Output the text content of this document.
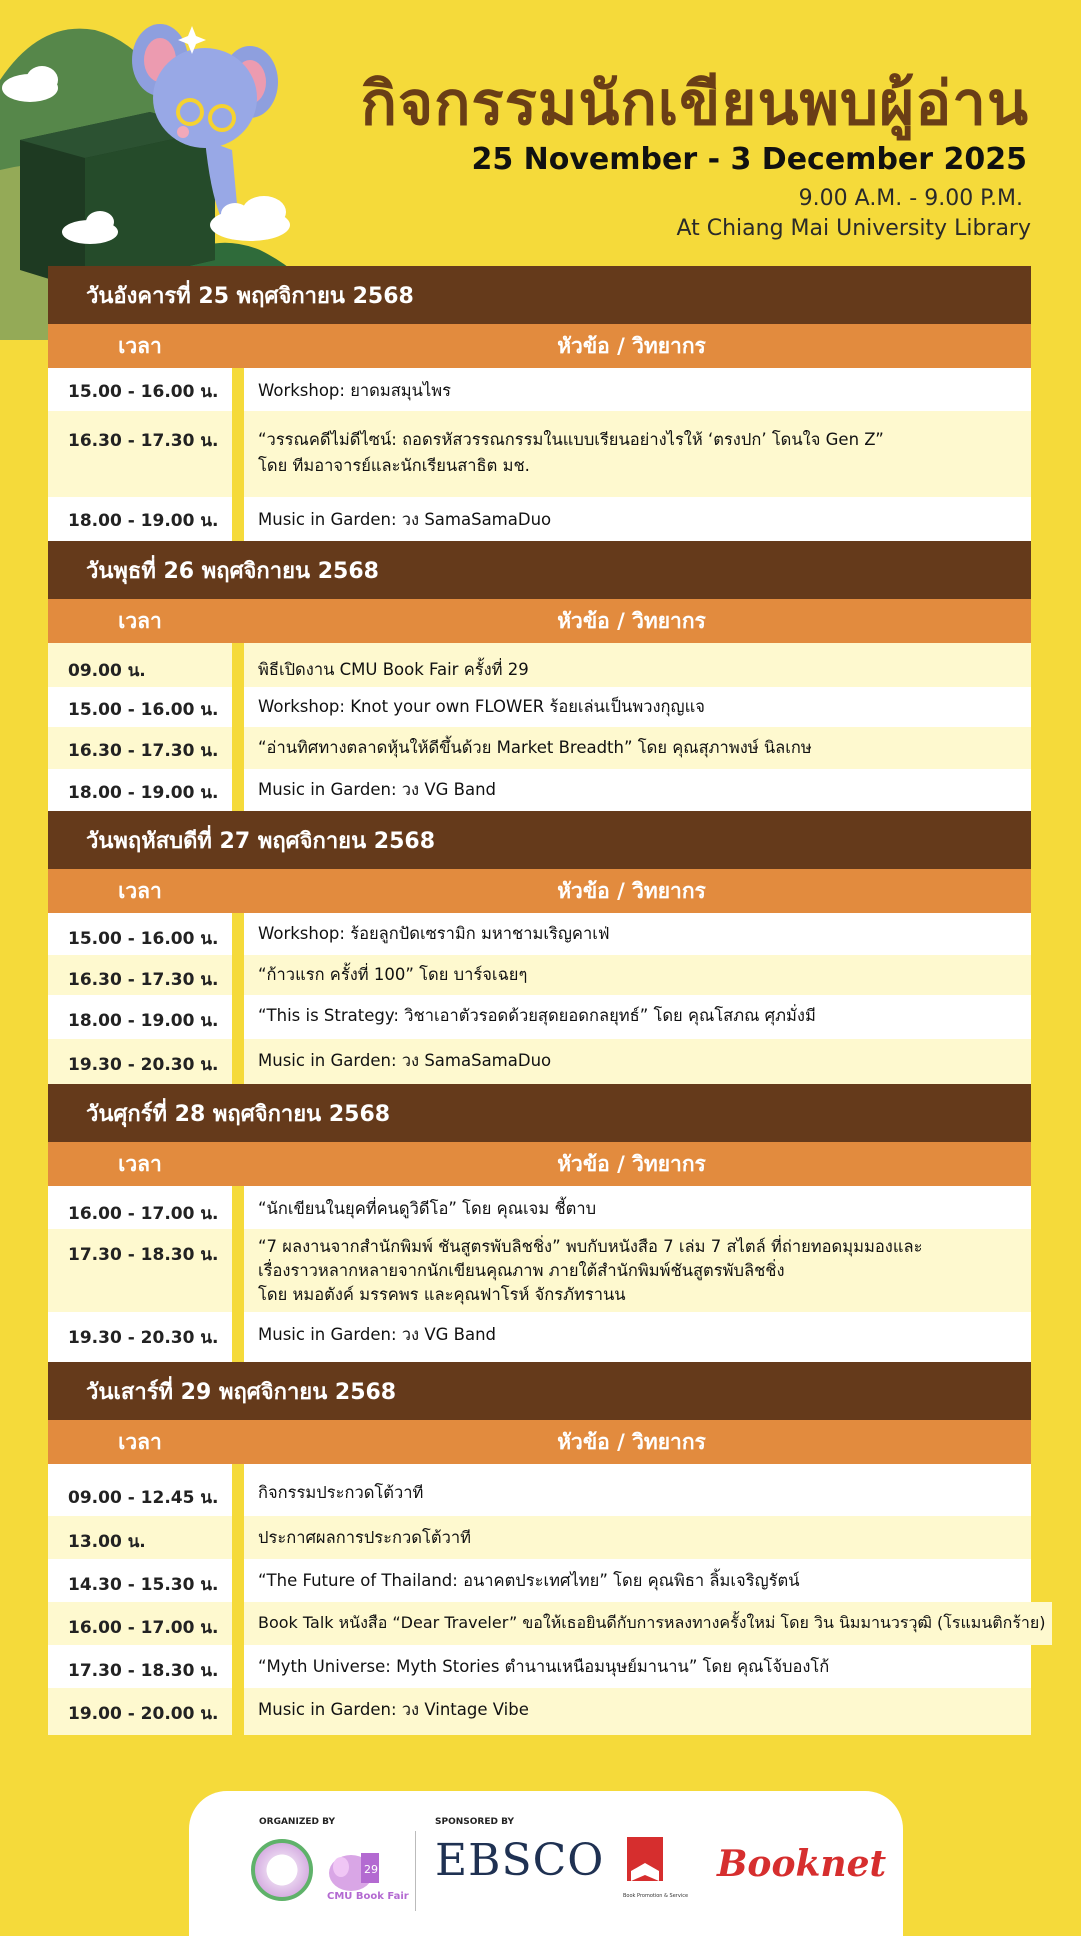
กิจกรรมนักเขียนพบผู้อ่าน
25 November - 3 December 2025
9.00 A.M. - 9.00 P.M.
At Chiang Mai University Library
วันอังคารที่ 25 พฤศจิกายน 2568
เวลา	หัวข้อ / วิทยากร
15.00 - 16.00 น.	Workshop: ยาดมสมุนไพร
16.30 - 17.30 น.	“วรรณคดีไม่ดีไซน์: ถอดรหัสวรรณกรรมในแบบเรียนอย่างไรให้ ‘ตรงปก’ โดนใจ Gen Z”
โดย ทีมอาจารย์และนักเรียนสาธิต มช.
18.00 - 19.00 น.	Music in Garden: วง SamaSamaDuo
วันพุธที่ 26 พฤศจิกายน 2568
เวลา	หัวข้อ / วิทยากร
09.00 น.	พิธีเปิดงาน CMU Book Fair ครั้งที่ 29
15.00 - 16.00 น.	Workshop: Knot your own FLOWER ร้อยเล่นเป็นพวงกุญแจ
16.30 - 17.30 น.	“อ่านทิศทางตลาดหุ้นให้ดีขึ้นด้วย Market Breadth” โดย คุณสุภาพงษ์ นิลเกษ
18.00 - 19.00 น.	Music in Garden: วง VG Band
วันพฤหัสบดีที่ 27 พฤศจิกายน 2568
เวลา	หัวข้อ / วิทยากร
15.00 - 16.00 น.	Workshop: ร้อยลูกปัดเซรามิก มหาชามเริญคาเฟ่
16.30 - 17.30 น.	“ก้าวแรก ครั้งที่ 100” โดย บาร์จเฉยๆ
18.00 - 19.00 น.	“This is Strategy: วิชาเอาตัวรอดด้วยสุดยอดกลยุทธ์” โดย คุณโสภณ ศุภมั่งมี
19.30 - 20.30 น.	Music in Garden: วง SamaSamaDuo
วันศุกร์ที่ 28 พฤศจิกายน 2568
เวลา	หัวข้อ / วิทยากร
16.00 - 17.00 น.	“นักเขียนในยุคที่คนดูวิดีโอ” โดย คุณเจม ชี้ตาบ
17.30 - 18.30 น.	“7 ผลงานจากสำนักพิมพ์ ชันสูตรพับลิชชิ่ง” พบกับหนังสือ 7 เล่ม 7 สไตล์ ที่ถ่ายทอดมุมมองและ
เรื่องราวหลากหลายจากนักเขียนคุณภาพ ภายใต้สำนักพิมพ์ชันสูตรพับลิชชิ่ง
โดย หมอตังค์ มรรคพร และคุณฟาโรห์ จักรภัทรานน
19.30 - 20.30 น.	Music in Garden: วง VG Band
วันเสาร์ที่ 29 พฤศจิกายน 2568
เวลา	หัวข้อ / วิทยากร
09.00 - 12.45 น.	กิจกรรมประกวดโต้วาที
13.00 น.	ประกาศผลการประกวดโต้วาที
14.30 - 15.30 น.	“The Future of Thailand: อนาคตประเทศไทย” โดย คุณพิธา ลิ้มเจริญรัตน์
16.00 - 17.00 น.	Book Talk หนังสือ “Dear Traveler” ขอให้เธอยินดีกับการหลงทางครั้งใหม่ โดย วิน นิมมานวรวุฒิ (โรแมนติกร้าย)
17.30 - 18.30 น.	“Myth Universe: Myth Stories ตำนานเหนือมนุษย์มานาน” โดย คุณโจ้บองโก้
19.00 - 20.00 น.	Music in Garden: วง Vintage Vibe
ORGANIZED BY	SPONSORED BY
29
CMU Book Fair
EBSCO
Book Promotion & Service
Booknet
